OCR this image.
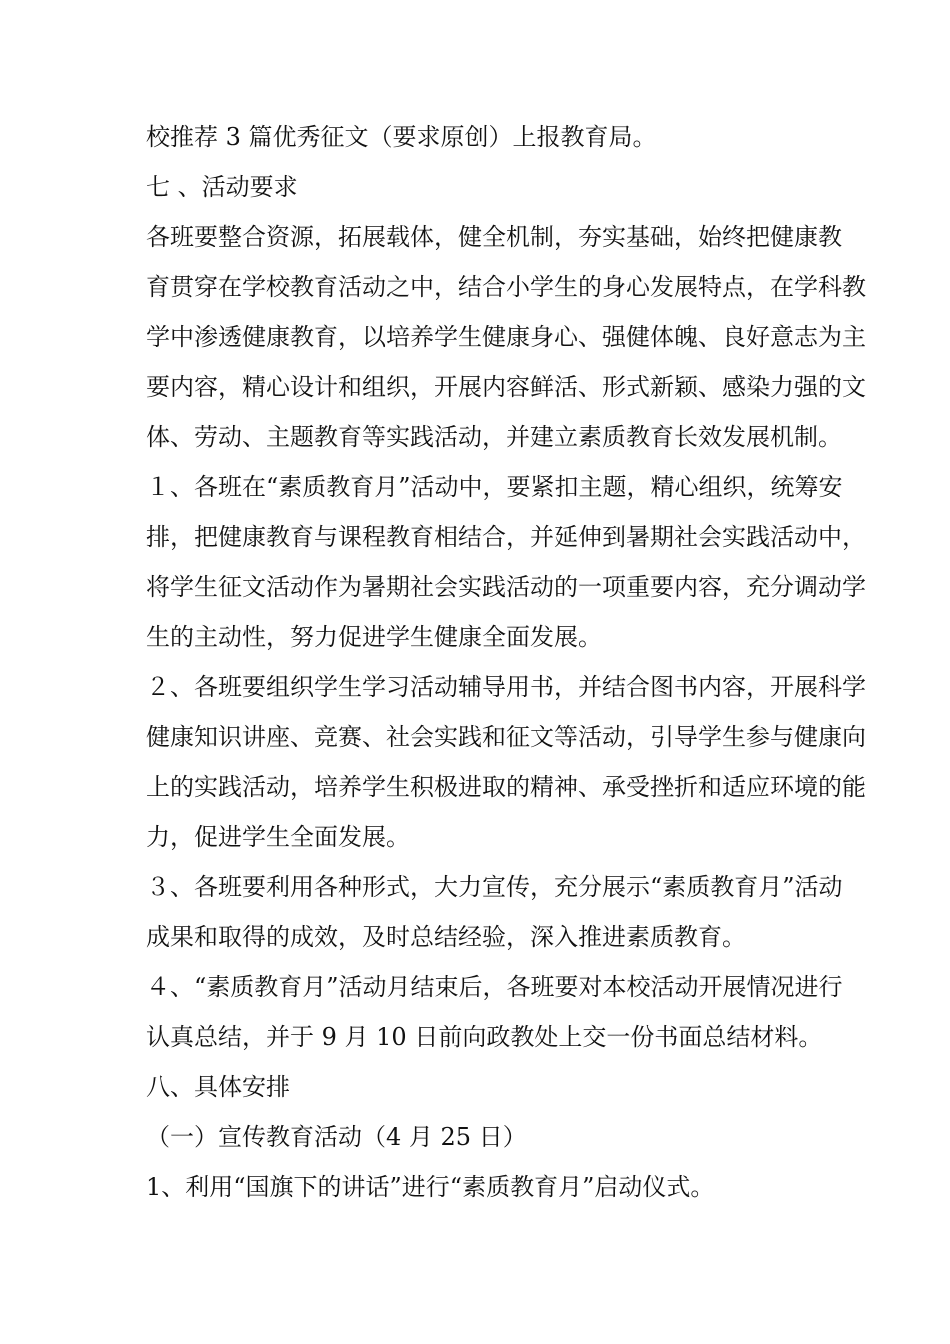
校推荐 3 篇优秀征文（要求原创）上报教育局。
七 、活动要求
各班要整合资源，拓展载体，健全机制，夯实基础，始终把健康教
育贯穿在学校教育活动之中，结合小学生的身心发展特点，在学科教
学中渗透健康教育，以培养学生健康身心、强健体魄、良好意志为主
要内容，精心设计和组织，开展内容鲜活、形式新颖、感染力强的文
体、劳动、主题教育等实践活动，并建立素质教育长效发展机制。
１、各班在“素质教育月”活动中，要紧扣主题，精心组织，统筹安
排，把健康教育与课程教育相结合，并延伸到暑期社会实践活动中，
将学生征文活动作为暑期社会实践活动的一项重要内容，充分调动学
生的主动性，努力促进学生健康全面发展。
２、各班要组织学生学习活动辅导用书，并结合图书内容，开展科学
健康知识讲座、竞赛、社会实践和征文等活动，引导学生参与健康向
上的实践活动，培养学生积极进取的精神、承受挫折和适应环境的能
力，促进学生全面发展。
３、各班要利用各种形式，大力宣传，充分展示“素质教育月”活动
成果和取得的成效，及时总结经验，深入推进素质教育。
４、“素质教育月”活动月结束后，各班要对本校活动开展情况进行
认真总结，并于 9 月 10 日前向政教处上交一份书面总结材料。
八、具体安排
（一）宣传教育活动（4 月 25 日）
1、利用“国旗下的讲话”进行“素质教育月”启动仪式。
